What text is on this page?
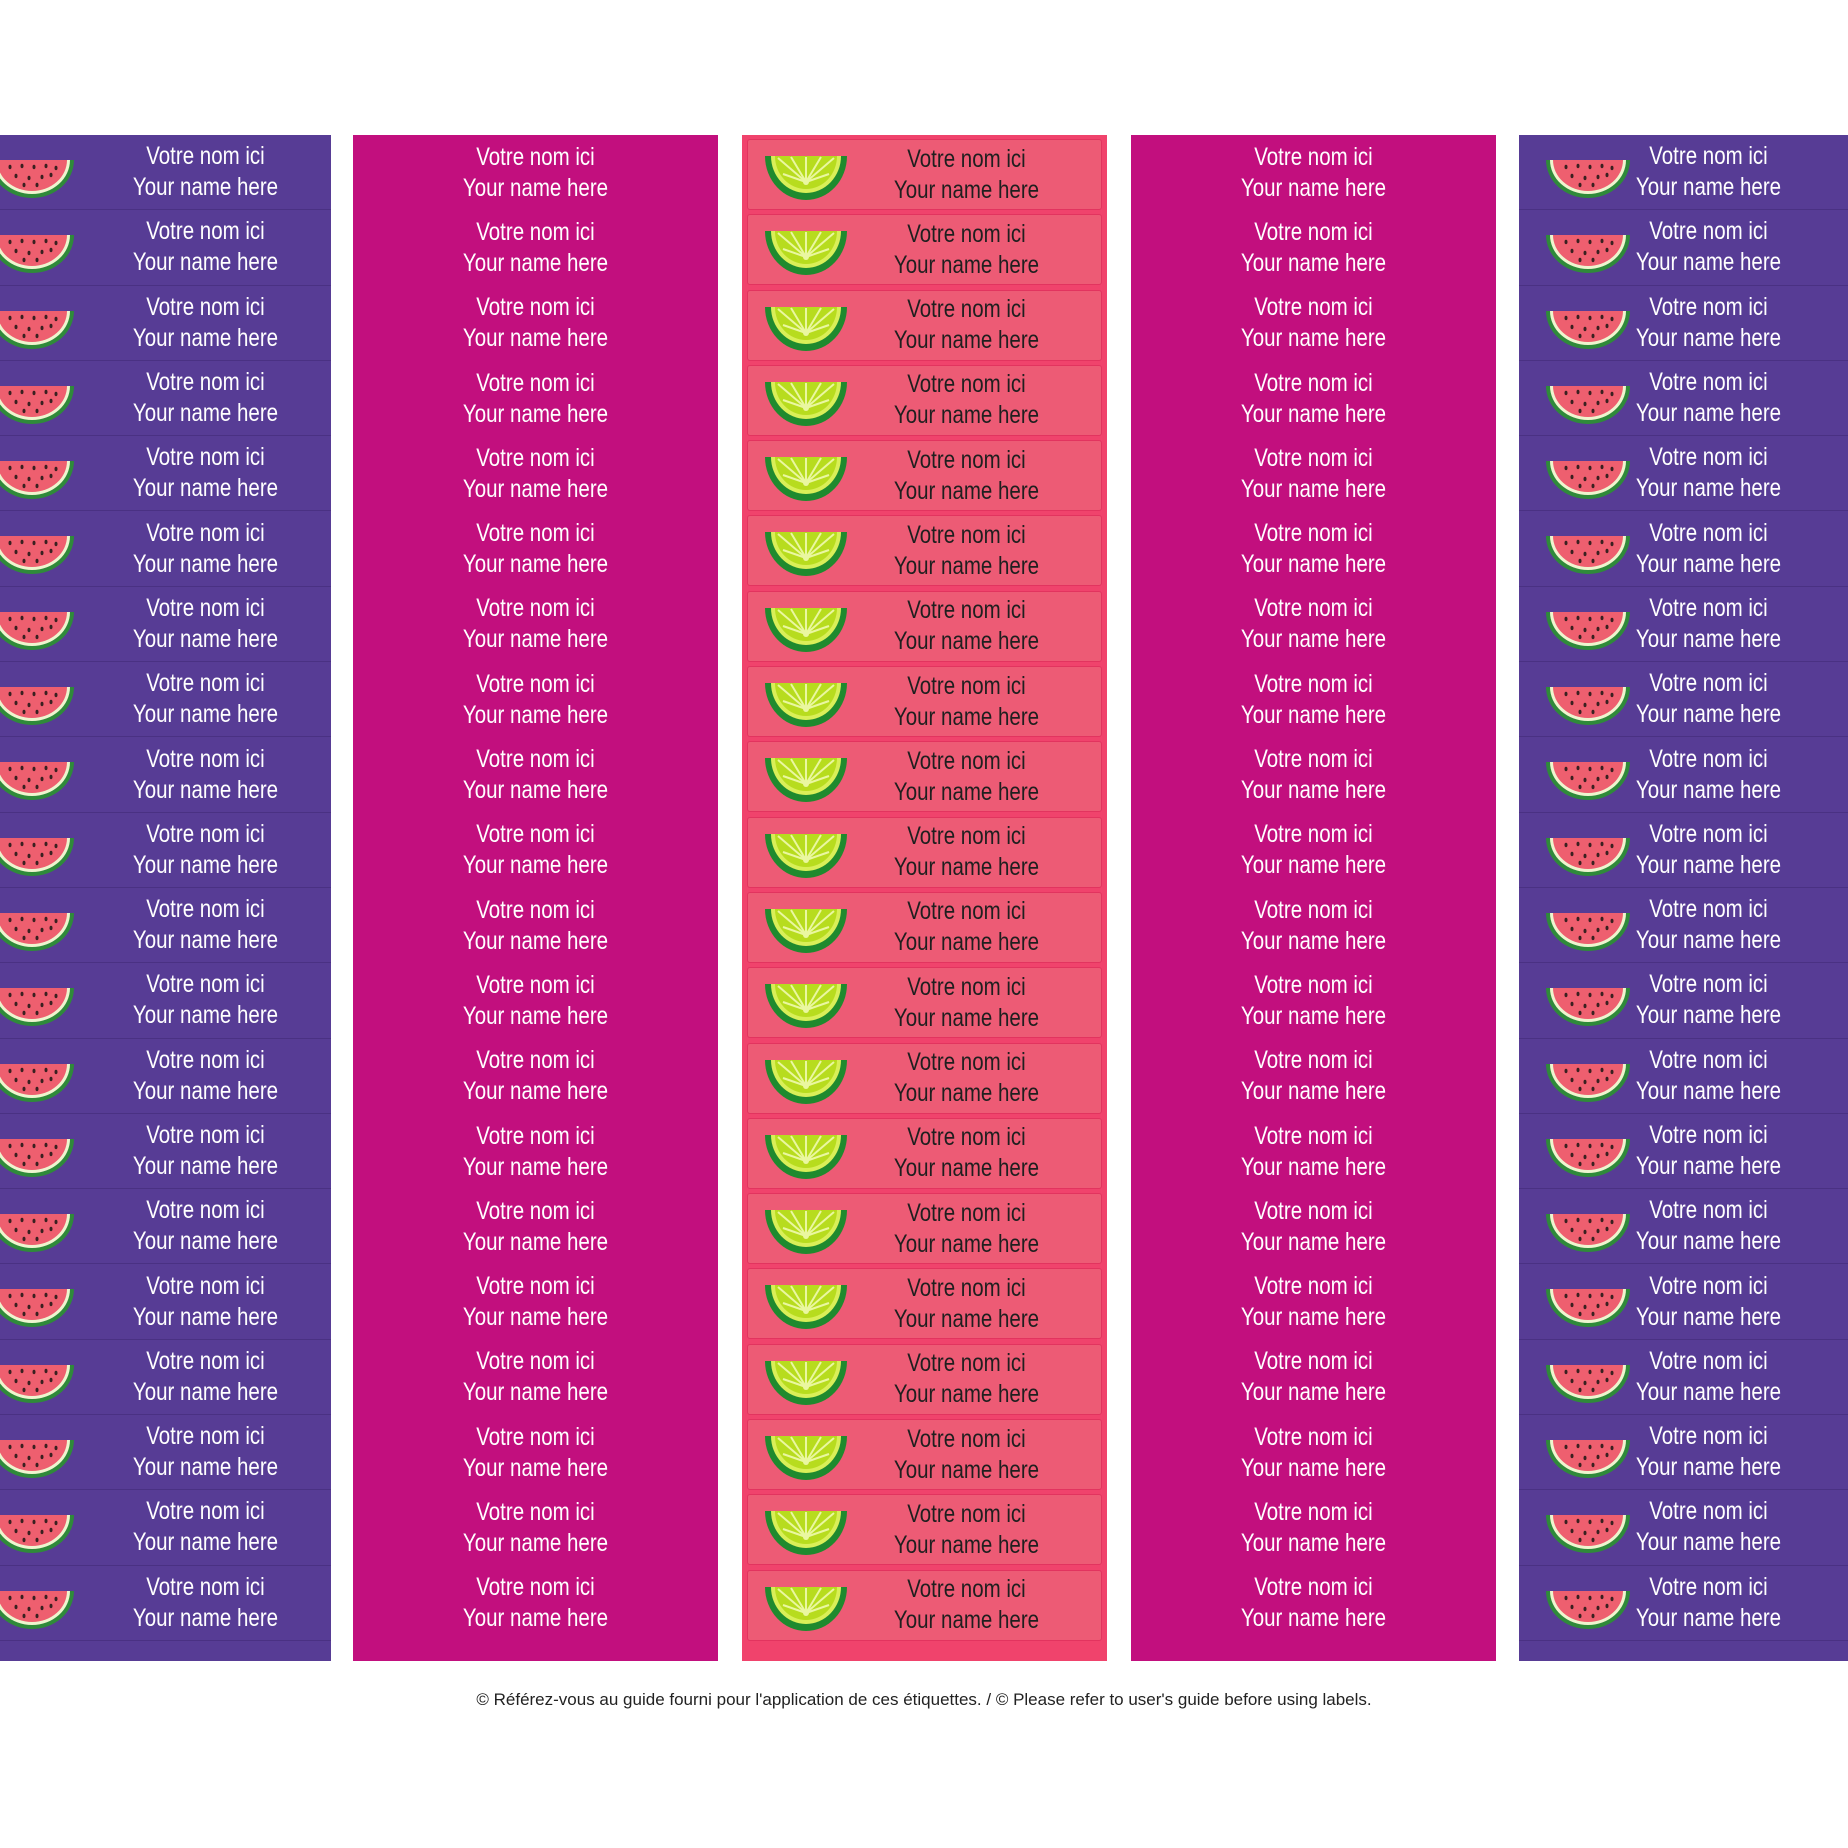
Votre nom ici
Your name here
Votre nom ici
Your name here
Votre nom ici
Your name here
Votre nom ici
Your name here
Votre nom ici
Your name here
Votre nom ici
Your name here
Votre nom ici
Your name here
Votre nom ici
Your name here
Votre nom ici
Your name here
Votre nom ici
Your name here
Votre nom ici
Your name here
Votre nom ici
Your name here
Votre nom ici
Your name here
Votre nom ici
Your name here
Votre nom ici
Your name here
Votre nom ici
Your name here
Votre nom ici
Your name here
Votre nom ici
Your name here
Votre nom ici
Your name here
Votre nom ici
Your name here
Votre nom ici
Your name here
Votre nom ici
Your name here
Votre nom ici
Your name here
Votre nom ici
Your name here
Votre nom ici
Your name here
Votre nom ici
Your name here
Votre nom ici
Your name here
Votre nom ici
Your name here
Votre nom ici
Your name here
Votre nom ici
Your name here
Votre nom ici
Your name here
Votre nom ici
Your name here
Votre nom ici
Your name here
Votre nom ici
Your name here
Votre nom ici
Your name here
Votre nom ici
Your name here
Votre nom ici
Your name here
Votre nom ici
Your name here
Votre nom ici
Your name here
Votre nom ici
Your name here
Votre nom ici
Your name here
Votre nom ici
Your name here
Votre nom ici
Your name here
Votre nom ici
Your name here
Votre nom ici
Your name here
Votre nom ici
Your name here
Votre nom ici
Your name here
Votre nom ici
Your name here
Votre nom ici
Your name here
Votre nom ici
Your name here
Votre nom ici
Your name here
Votre nom ici
Your name here
Votre nom ici
Your name here
Votre nom ici
Your name here
Votre nom ici
Your name here
Votre nom ici
Your name here
Votre nom ici
Your name here
Votre nom ici
Your name here
Votre nom ici
Your name here
Votre nom ici
Your name here
Votre nom ici
Your name here
Votre nom ici
Your name here
Votre nom ici
Your name here
Votre nom ici
Your name here
Votre nom ici
Your name here
Votre nom ici
Your name here
Votre nom ici
Your name here
Votre nom ici
Your name here
Votre nom ici
Your name here
Votre nom ici
Your name here
Votre nom ici
Your name here
Votre nom ici
Your name here
Votre nom ici
Your name here
Votre nom ici
Your name here
Votre nom ici
Your name here
Votre nom ici
Your name here
Votre nom ici
Your name here
Votre nom ici
Your name here
Votre nom ici
Your name here
Votre nom ici
Your name here
Votre nom ici
Your name here
Votre nom ici
Your name here
Votre nom ici
Your name here
Votre nom ici
Your name here
Votre nom ici
Your name here
Votre nom ici
Your name here
Votre nom ici
Your name here
Votre nom ici
Your name here
Votre nom ici
Your name here
Votre nom ici
Your name here
Votre nom ici
Your name here
Votre nom ici
Your name here
Votre nom ici
Your name here
Votre nom ici
Your name here
Votre nom ici
Your name here
Votre nom ici
Your name here
Votre nom ici
Your name here
Votre nom ici
Your name here
Votre nom ici
Your name here
Votre nom ici
Your name here
© Référez-vous au guide fourni pour l'application de ces étiquettes. / © Please refer to user's guide before using labels.
